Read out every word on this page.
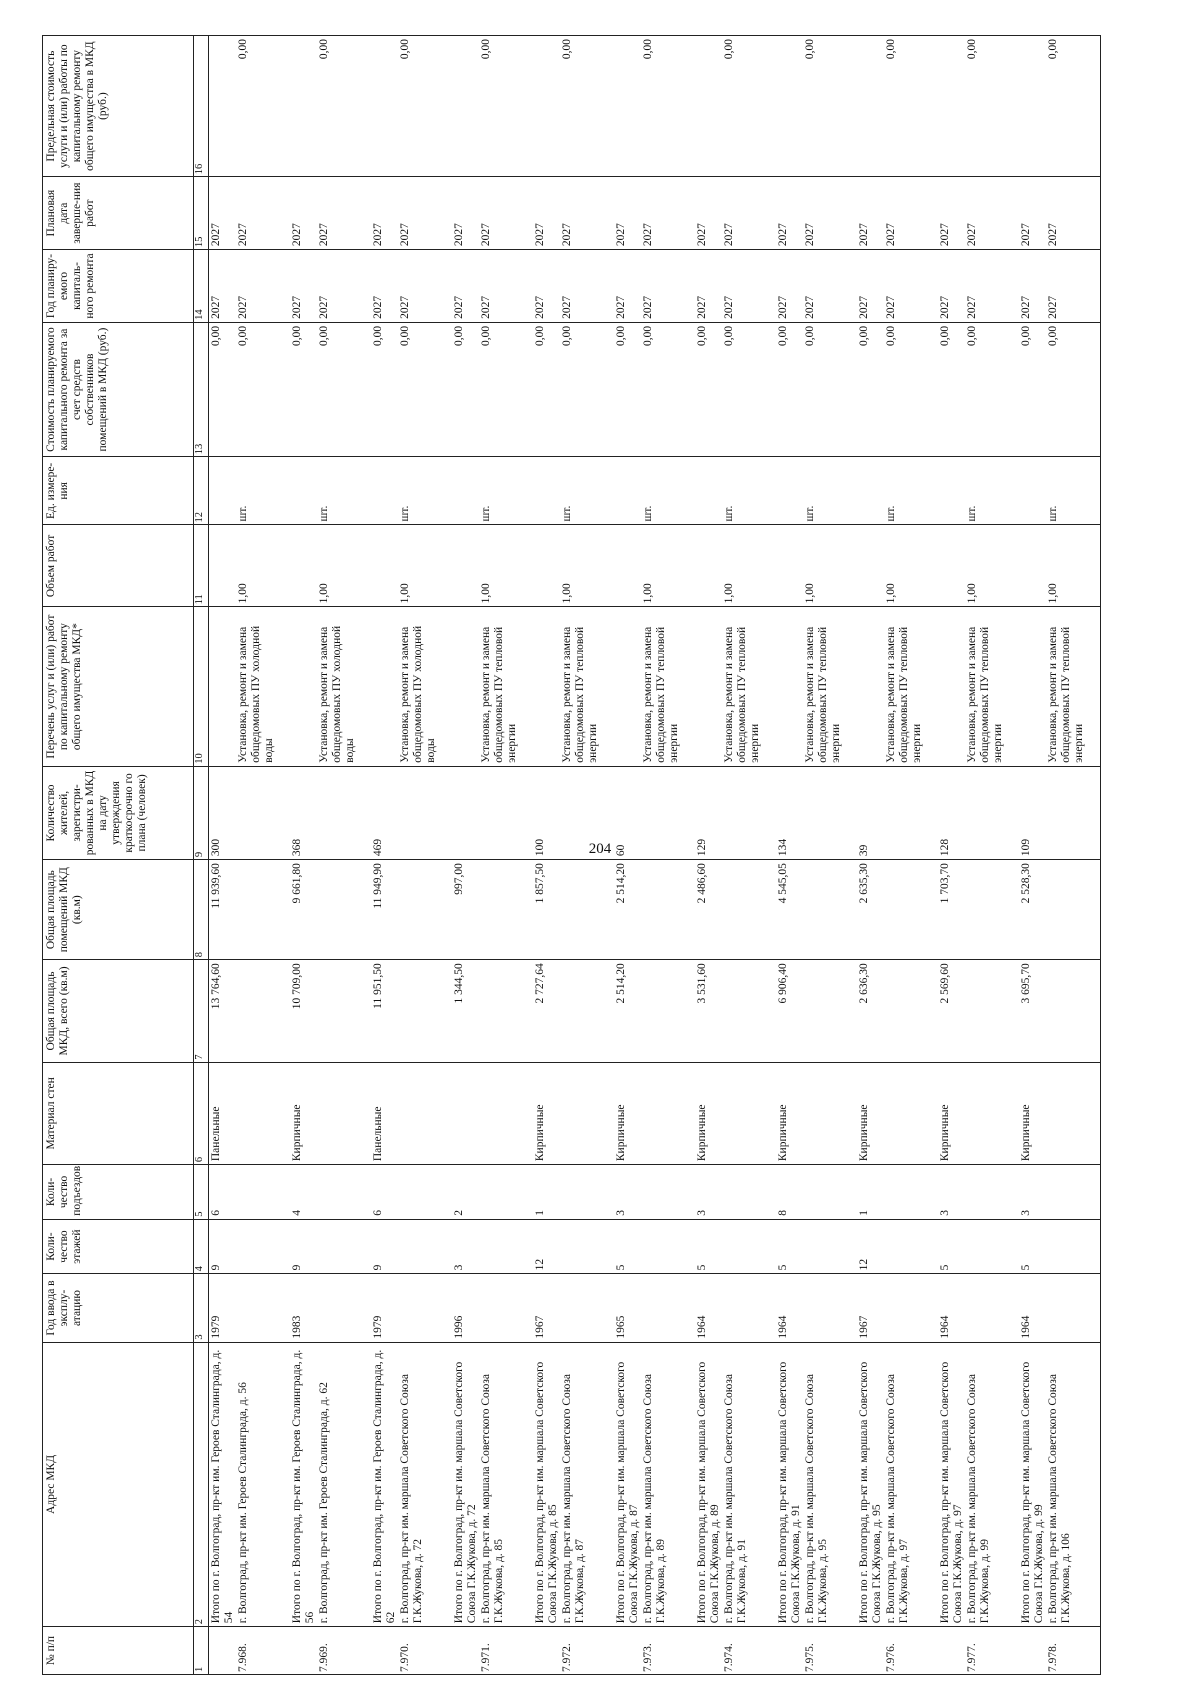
204
№ п/п	Адрес МКД	Год ввода в эксплу-атацию	Коли-чество этажей	Коли-чество подъездов	Материал стен	Общая площадь МКД, всего (кв.м)	Общая площадь помещений МКД (кв.м)	Количество жителей, зарегистри-рованных в МКД на дату утверждения краткосрочно го плана (человек)	Перечень услуг и (или) работ по капитальному ремонту общего имущества МКД*	Объем работ	Ед. измере-ния	Стоимость планируемого капитального ремонта за счет средств собственников помещений в МКД (руб.)	Год планиру-емого капиталь-ного ремонта	Плановая дата заверше-ния работ	Предельная стоимость услуги и (или) работы по капитальному ремонту общего имущества в МКД (руб.)
1	2	3	4	5	6	7	8	9	10	11	12	13	14	15	16
	Итого по г. Волгоград, пр-кт им. Героев Сталинграда, д. 54	1979	9	6	Панельные	13 764,60	11 939,60	300				0,00	2027	2027	
7.968.	г. Волгоград, пр-кт им. Героев Сталинграда, д. 56								Установка, ремонт и замена общедомовых ПУ холодной воды	1,00	шт.	0,00	2027	2027	0,00
	Итого по г. Волгоград, пр-кт им. Героев Сталинграда, д. 56	1983	9	4	Кирпичные	10 709,00	9 661,80	368				0,00	2027	2027	
7.969.	г. Волгоград, пр-кт им. Героев Сталинграда, д. 62								Установка, ремонт и замена общедомовых ПУ холодной воды	1,00	шт.	0,00	2027	2027	0,00
	Итого по г. Волгоград, пр-кт им. Героев Сталинграда, д. 62	1979	9	6	Панельные	11 951,50	11 949,90	469				0,00	2027	2027	
7.970.	г. Волгоград, пр-кт им. маршала Советского Союза Г.К.Жукова, д. 72								Установка, ремонт и замена общедомовых ПУ холодной воды	1,00	шт.	0,00	2027	2027	0,00
	Итого по г. Волгоград, пр-кт им. маршала Советского Союза Г.К.Жукова, д. 72	1996	3	2		1 344,50	997,00					0,00	2027	2027	
7.971.	г. Волгоград, пр-кт им. маршала Советского Союза Г.К.Жукова, д. 85								Установка, ремонт и замена общедомовых ПУ тепловой энергии	1,00	шт.	0,00	2027	2027	0,00
	Итого по г. Волгоград, пр-кт им. маршала Советского Союза Г.К.Жукова, д. 85	1967	12	1	Кирпичные	2 727,64	1 857,50	100				0,00	2027	2027	
7.972.	г. Волгоград, пр-кт им. маршала Советского Союза Г.К.Жукова, д. 87								Установка, ремонт и замена общедомовых ПУ тепловой энергии	1,00	шт.	0,00	2027	2027	0,00
	Итого по г. Волгоград, пр-кт им. маршала Советского Союза Г.К.Жукова, д. 87	1965	5	3	Кирпичные	2 514,20	2 514,20	60				0,00	2027	2027	
7.973.	г. Волгоград, пр-кт им. маршала Советского Союза Г.К.Жукова, д. 89								Установка, ремонт и замена общедомовых ПУ тепловой энергии	1,00	шт.	0,00	2027	2027	0,00
	Итого по г. Волгоград, пр-кт им. маршала Советского Союза Г.К.Жукова, д. 89	1964	5	3	Кирпичные	3 531,60	2 486,60	129				0,00	2027	2027	
7.974.	г. Волгоград, пр-кт им. маршала Советского Союза Г.К.Жукова, д. 91								Установка, ремонт и замена общедомовых ПУ тепловой энергии	1,00	шт.	0,00	2027	2027	0,00
	Итого по г. Волгоград, пр-кт им. маршала Советского Союза Г.К.Жукова, д. 91	1964	5	8	Кирпичные	6 906,40	4 545,05	134				0,00	2027	2027	
7.975.	г. Волгоград, пр-кт им. маршала Советского Союза Г.К.Жукова, д. 95								Установка, ремонт и замена общедомовых ПУ тепловой энергии	1,00	шт.	0,00	2027	2027	0,00
	Итого по г. Волгоград, пр-кт им. маршала Советского Союза Г.К.Жукова, д. 95	1967	12	1	Кирпичные	2 636,30	2 635,30	39				0,00	2027	2027	
7.976.	г. Волгоград, пр-кт им. маршала Советского Союза Г.К.Жукова, д. 97								Установка, ремонт и замена общедомовых ПУ тепловой энергии	1,00	шт.	0,00	2027	2027	0,00
	Итого по г. Волгоград, пр-кт им. маршала Советского Союза Г.К.Жукова, д. 97	1964	5	3	Кирпичные	2 569,60	1 703,70	128				0,00	2027	2027	
7.977.	г. Волгоград, пр-кт им. маршала Советского Союза Г.К.Жукова, д. 99								Установка, ремонт и замена общедомовых ПУ тепловой энергии	1,00	шт.	0,00	2027	2027	0,00
	Итого по г. Волгоград, пр-кт им. маршала Советского Союза Г.К.Жукова, д. 99	1964	5	3	Кирпичные	3 695,70	2 528,30	109				0,00	2027	2027	
7.978.	г. Волгоград, пр-кт им. маршала Советского Союза Г.К.Жукова, д. 106								Установка, ремонт и замена общедомовых ПУ тепловой энергии	1,00	шт.	0,00	2027	2027	0,00
